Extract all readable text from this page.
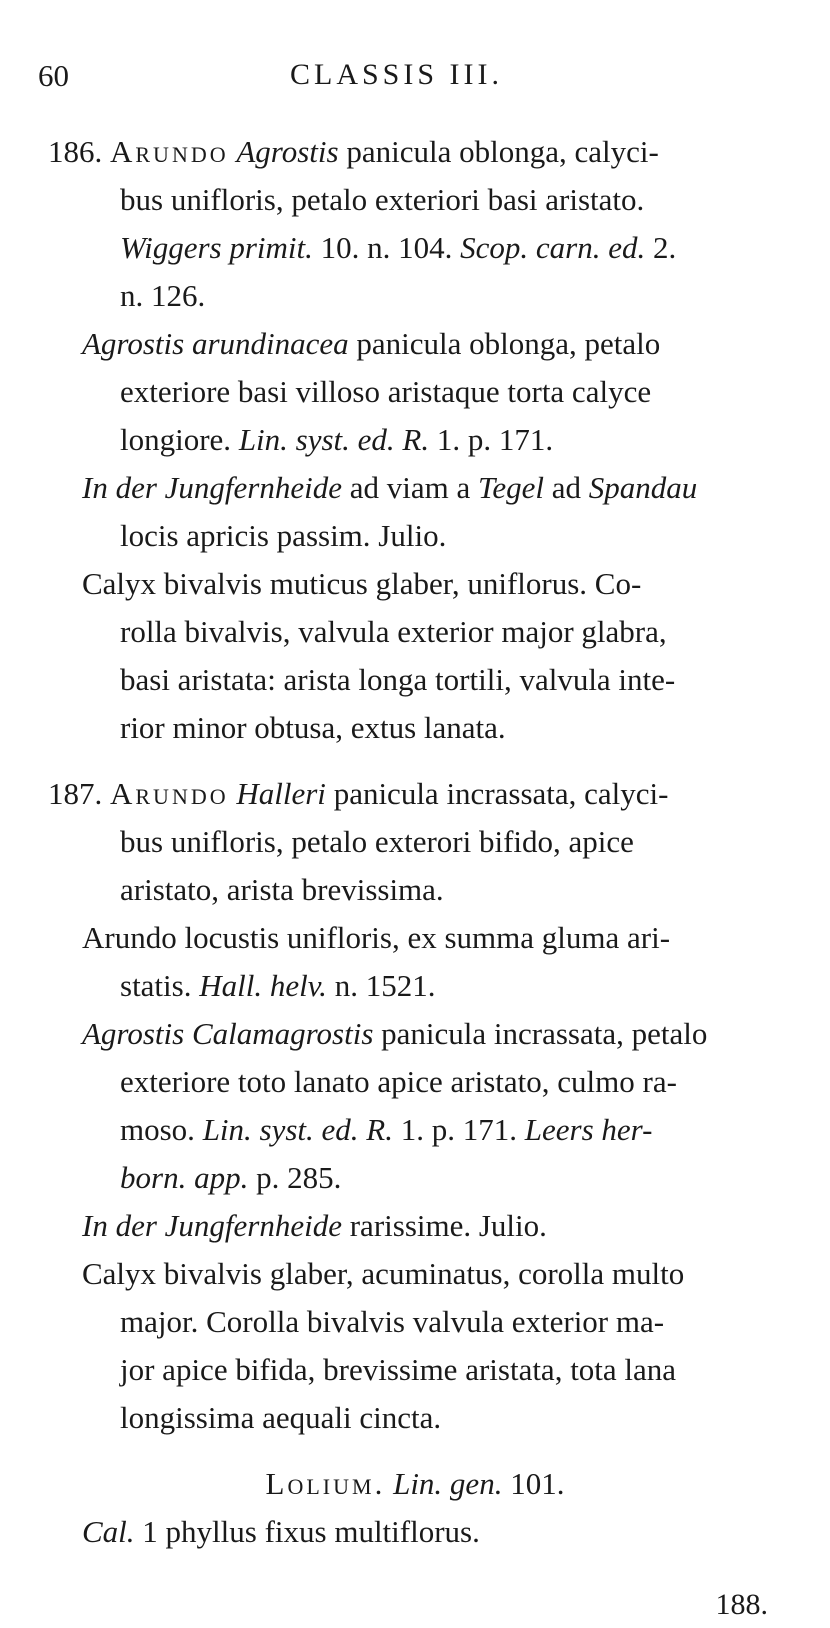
60	CLASSIS III.
186. Arundo Agrostis panicula oblonga, calyci-
bus unifloris, petalo exteriori basi aristato.
Wiggers primit. 10. n. 104. Scop. carn. ed. 2.
n. 126.
Agrostis arundinacea panicula oblonga, petalo
exteriore basi villoso aristaque torta calyce
longiore. Lin. syst. ed. R. 1. p. 171.
In der Jungfernheide ad viam a Tegel ad Spandau
locis apricis passim. Julio.
Calyx bivalvis muticus glaber, uniflorus. Co-
rolla bivalvis, valvula exterior major glabra,
basi aristata: arista longa tortili, valvula inte-
rior minor obtusa, extus lanata.
187. Arundo Halleri panicula incrassata, calyci-
bus unifloris, petalo exterori bifido, apice
aristato, arista brevissima.
Arundo locustis unifloris, ex summa gluma ari-
statis. Hall. helv. n. 1521.
Agrostis Calamagrostis panicula incrassata, petalo
exteriore toto lanato apice aristato, culmo ra-
moso. Lin. syst. ed. R. 1. p. 171. Leers her-
born. app. p. 285.
In der Jungfernheide rarissime. Julio.
Calyx bivalvis glaber, acuminatus, corolla multo
major. Corolla bivalvis valvula exterior ma-
jor apice bifida, brevissime aristata, tota lana
longissima aequali cincta.
Lolium. Lin. gen. 101.
Cal. 1 phyllus fixus multiflorus.
188.
